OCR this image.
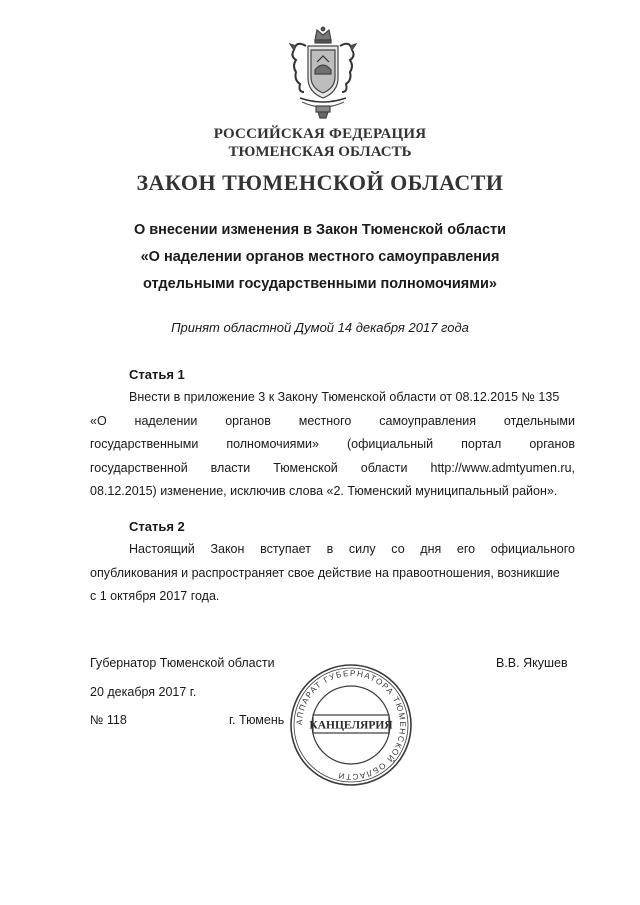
РОССИЙСКАЯ ФЕДЕРАЦИЯ
ТЮМЕНСКАЯ ОБЛАСТЬ
ЗАКОН ТЮМЕНСКОЙ ОБЛАСТИ
О внесении изменения в Закон Тюменской области
«О наделении органов местного самоуправления
отдельными государственными полномочиями»
Принят областной Думой 14 декабря 2017 года
Статья 1
Внести в приложение 3 к Закону Тюменской области от 08.12.2015 № 135
«О наделении органов местного самоуправления отдельными
государственными полномочиями» (официальный портал органов
государственной власти Тюменской области http://www.admtyumen.ru,
08.12.2015) изменение, исключив слова «2. Тюменский муниципальный район».
Статья 2
Настоящий Закон вступает в силу со дня его официального
опубликования и распространяет свое действие на правоотношения, возникшие
с 1 октября 2017 года.
Губернатор Тюменской области	В.В. Якушев
20 декабря 2017 г.
№ 118	г. Тюмень АППАРАТ ГУБЕРНАТОРА ТЮМЕНСКОЙ ОБЛАСТИ
КАНЦЕЛЯРИЯ
